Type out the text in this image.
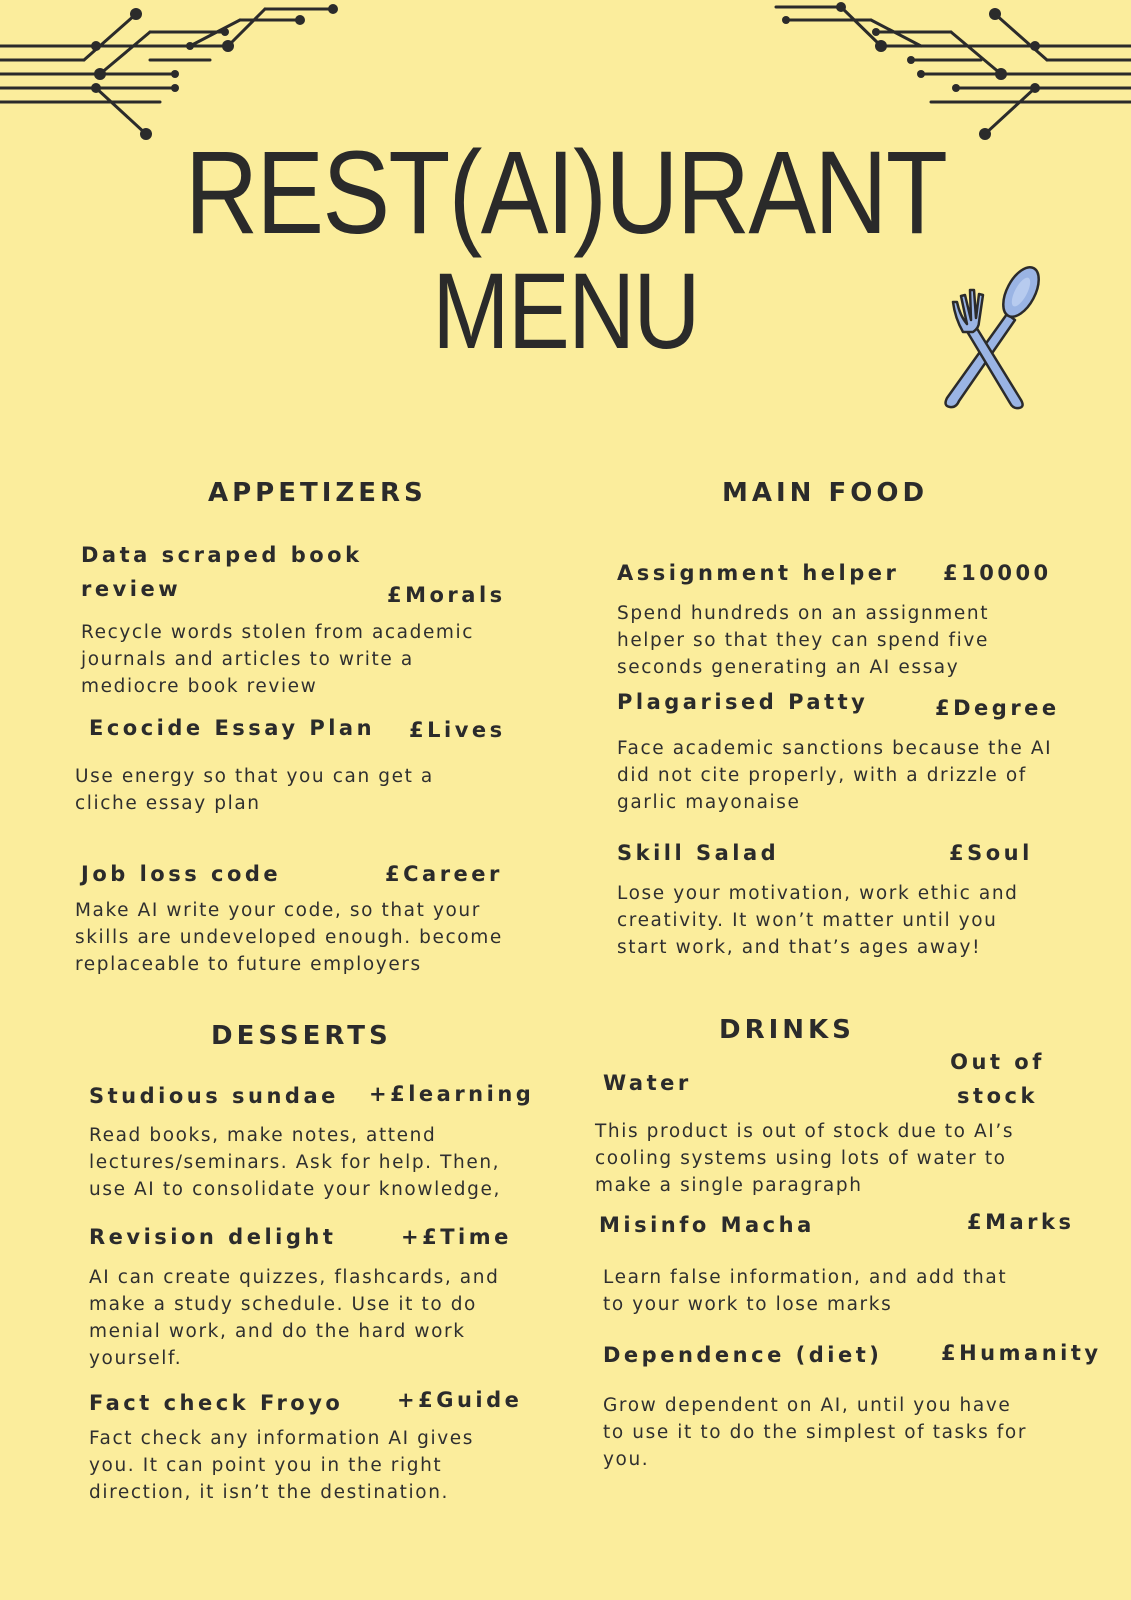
REST(AI)URANT
MENU
APPETIZERS	MAIN FOOD
DESSERTS	DRINKS
Data scraped book review	£Morals
Recycle words stolen from academic journals and articles to write a mediocre book review
Ecocide Essay Plan £Lives
Use energy so that you can get a cliche essay plan
Job loss code	£Career
Make AI write your code, so that your skills are undeveloped enough. become replaceable to future employers
Assignment helper £10000
Spend hundreds on an assignment helper so that they can spend five seconds generating an AI essay
Plagarised Patty	£Degree
Face academic sanctions because the AI did not cite properly, with a drizzle of garlic mayonaise
Skill Salad	£Soul
Lose your motivation, work ethic and creativity. It won’t matter until you start work, and that’s ages away!
Studious sundae +£learning
Read books, make notes, attend lectures/seminars. Ask for help. Then, use AI to consolidate your knowledge,
Revision delight	+£Time
AI can create quizzes, flashcards, and make a study schedule. Use it to do menial work, and do the hard work yourself.
Fact check Froyo	+£Guide
Fact check any information AI gives you. It can point you in the right direction, it isn’t the destination.
Water
Out of stock
This product is out of stock due to AI’s cooling systems using lots of water to make a single paragraph
Misinfo Macha	£Marks
Learn false information, and add that to your work to lose marks
Dependence (diet)	£Humanity
Grow dependent on AI, until you have to use it to do the simplest of tasks for you.
